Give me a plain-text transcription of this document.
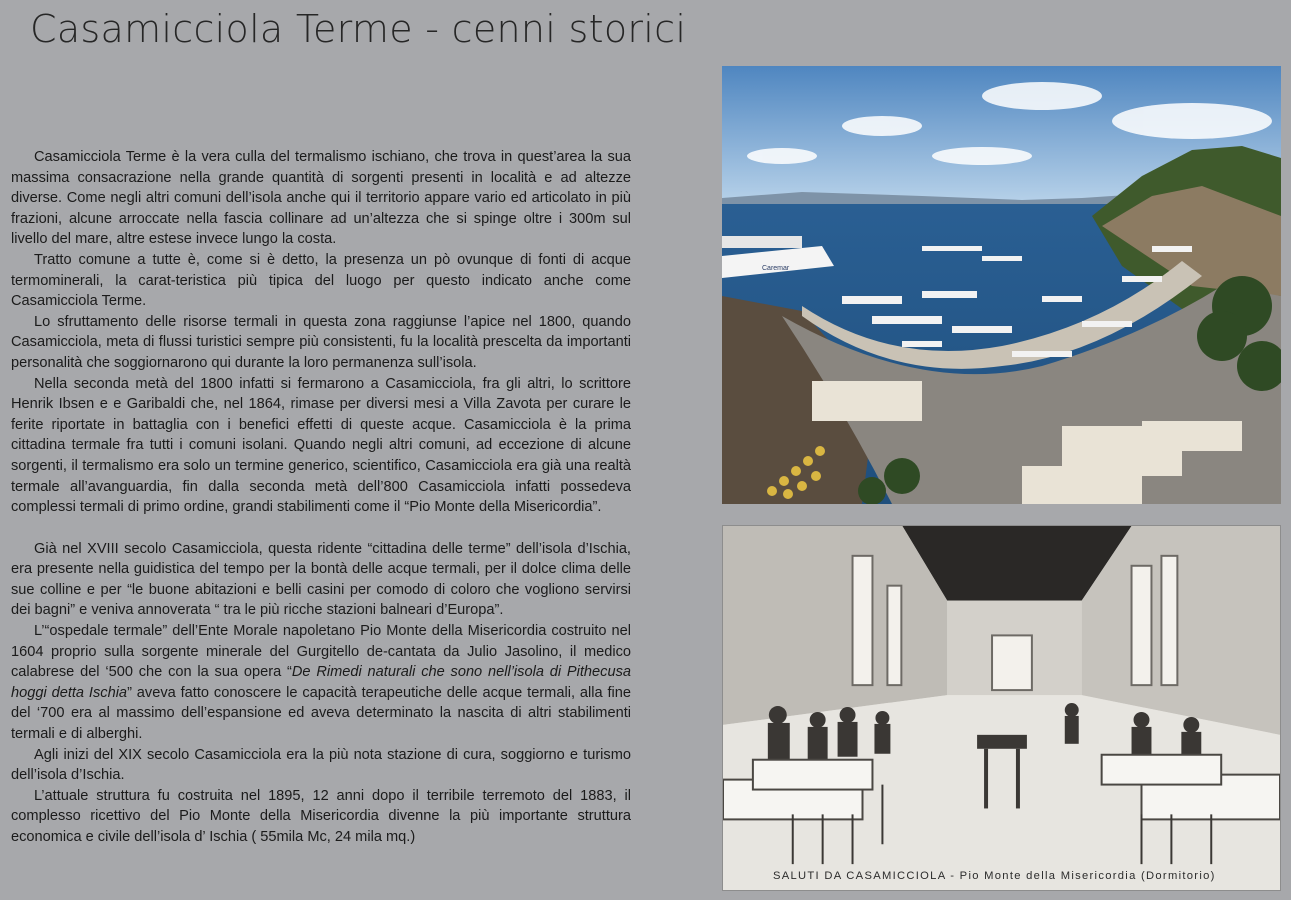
Casamicciola Terme - cenni storici

Casamicciola Terme è la vera culla del termalismo ischiano, che trova in quest’area la sua massima consacrazione nella grande quantità di sorgenti presenti in località e ad altezze diverse. Come negli altri comuni dell’isola anche qui il territorio appare vario ed articolato in più frazioni, alcune arroccate nella fascia collinare ad un’altezza che si spinge oltre i 300m sul livello del mare, altre estese invece lungo la costa.

Tratto comune a tutte è, come si è detto, la presenza un pò ovunque di fonti di acque termominerali, la carat-teristica più tipica del luogo per questo indicato anche come Casamicciola Terme.

Lo sfruttamento delle risorse termali in questa zona raggiunse l’apice nel 1800, quando Casamicciola, meta di flussi turistici sempre più consistenti, fu la località prescelta da importanti personalità che soggiornarono qui durante la loro permanenza sull’isola.

Nella seconda metà del 1800 infatti si fermarono a Casamicciola, fra gli altri, lo scrittore Henrik Ibsen e e Garibaldi che, nel 1864, rimase per diversi mesi a Villa Zavota per curare le ferite riportate in battaglia con i benefici effetti di queste acque. Casamicciola è la prima cittadina termale fra tutti i comuni isolani. Quando negli altri comuni, ad eccezione di alcune sorgenti, il termalismo era solo un termine generico, scientifico, Casamicciola era già una realtà termale all’avanguardia, fin dalla seconda metà dell’800 Casamicciola infatti possedeva complessi termali di primo ordine, grandi stabilimenti come il “Pio Monte della Misericordia”.

Già nel XVIII secolo Casamicciola, questa ridente “cittadina delle terme” dell’isola d’Ischia, era presente nella guidistica del tempo per la bontà delle acque termali, per il dolce clima delle sue colline e per “le buone abitazioni e belli casini per comodo di coloro che vogliono servirsi dei bagni” e veniva annoverata “ tra le più ricche stazioni balneari d’Europa”.

L’“ospedale termale” dell’Ente Morale napoletano Pio Monte della Misericordia costruito nel 1604 proprio sulla sorgente minerale del Gurgitello de-cantata da Julio Jasolino, il medico calabrese del ‘500 che con la sua opera “De Rimedi naturali che sono nell’isola di Pithecusa hoggi detta Ischia” aveva fatto conoscere le capacità terapeutiche delle acque termali, alla fine del ‘700 era al massimo dell’espansione ed aveva determinato la nascita di altri stabilimenti termali e di alberghi.

Agli inizi del XIX secolo Casamicciola era la più nota stazione di cura, soggiorno e turismo dell’isola d’Ischia.

L’attuale struttura fu costruita nel 1895, 12 anni dopo il terribile terremoto del 1883, il complesso ricettivo del Pio Monte della Misericordia divenne la più importante struttura economica e civile dell’isola d’ Ischia ( 55mila Mc, 24 mila mq.)

Caremar
SALUTI DA CASAMICCIOLA - Pio Monte della Misericordia (Dormitorio)
